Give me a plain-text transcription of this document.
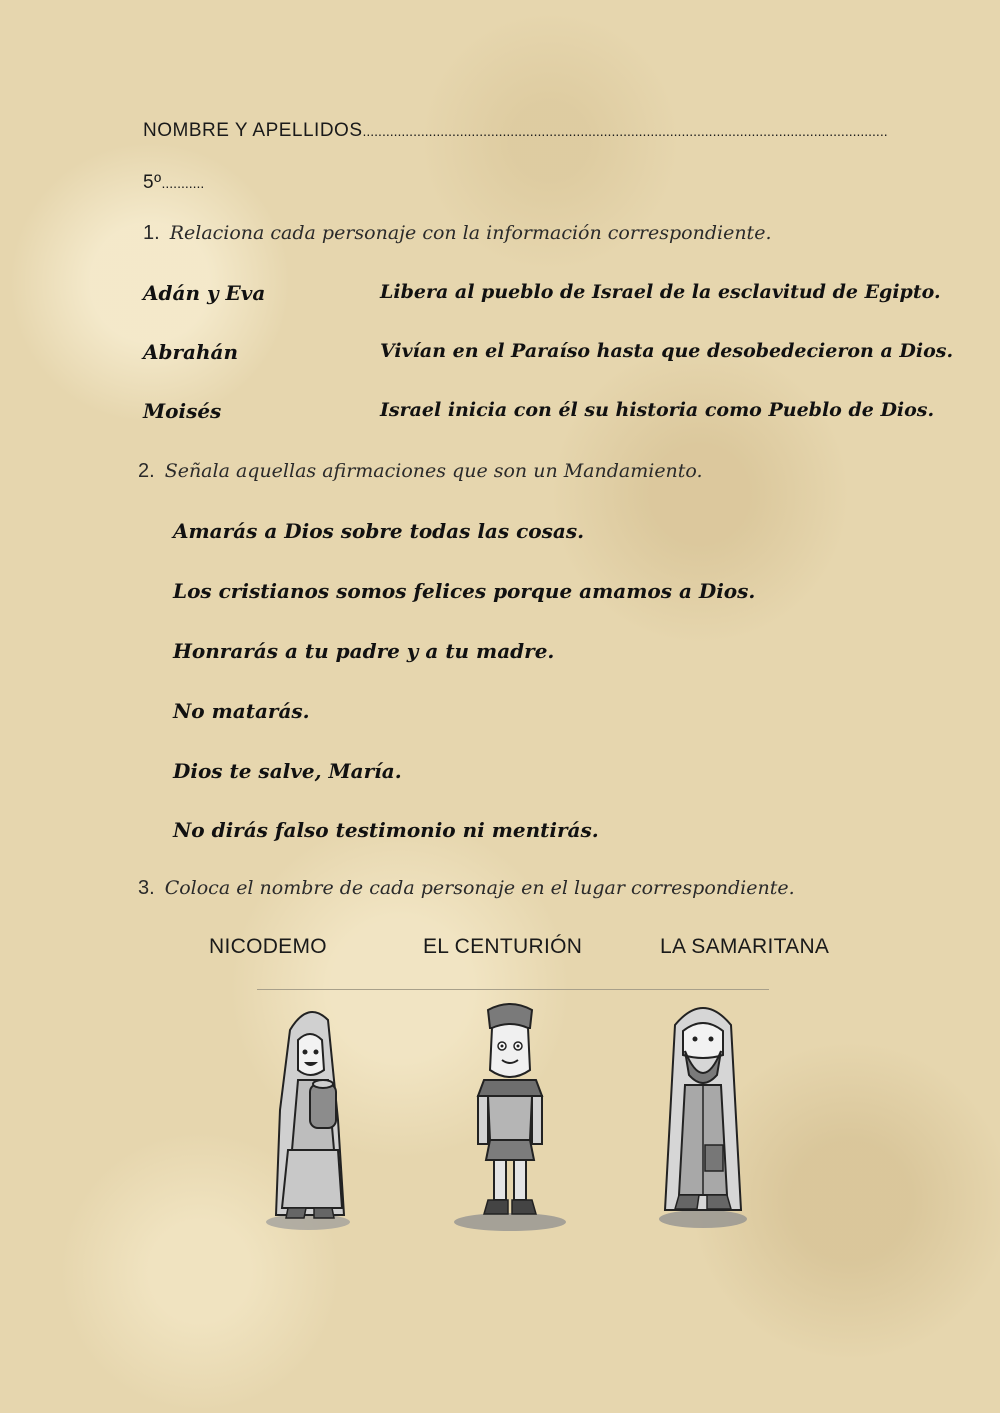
NOMBRE Y APELLIDOS.......................................................................................................................................
5º...........
1. Relaciona cada personaje con la información correspondiente.
Adán y Eva
Abrahán
Moisés
Libera al pueblo de Israel de la esclavitud de Egipto.
Vivían en el Paraíso hasta que desobedecieron a Dios.
Israel inicia con él su historia como Pueblo de Dios.
2. Señala aquellas afirmaciones que son un Mandamiento.
Amarás a Dios sobre todas las cosas.
Los cristianos somos felices porque amamos a Dios.
Honrarás a tu padre y a tu madre.
No matarás.
Dios te salve, María.
No dirás falso testimonio ni mentirás.
3. Coloca el nombre de cada personaje en el lugar correspondiente.
NICODEMO	EL CENTURIÓN	LA SAMARITANA
